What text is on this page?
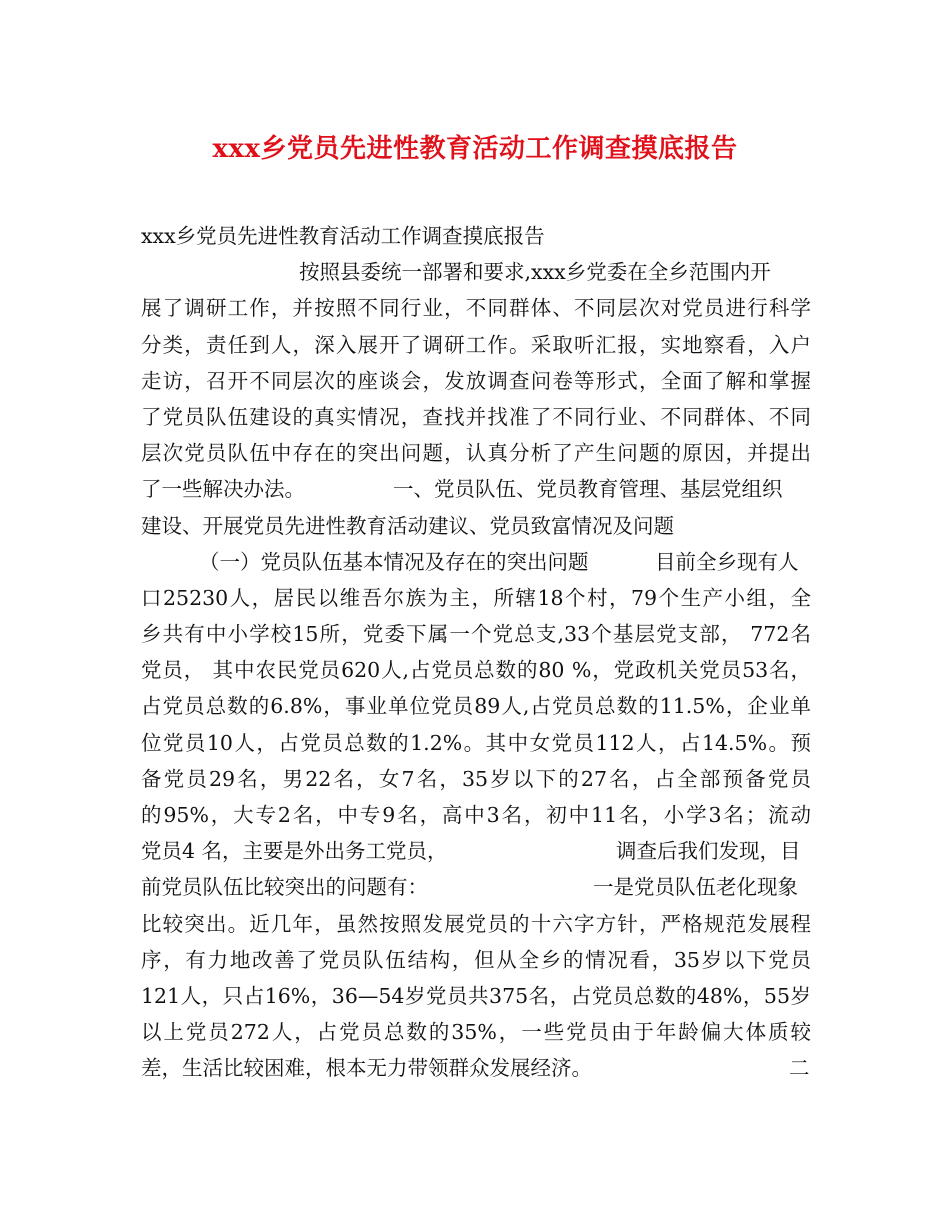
xxx乡党员先进性教育活动工作调查摸底报告
xxx乡党员先进性教育活动工作调查摸底报告
按照县委统一部署和要求,xxx乡党委在全乡范围内开
展了调研工作，并按照不同行业，不同群体、不同层次对党员进行科学
分类，责任到人，深入展开了调研工作。采取听汇报，实地察看，入户
走访，召开不同层次的座谈会，发放调查问卷等形式，全面了解和掌握
了党员队伍建设的真实情况，查找并找准了不同行业、不同群体、不同
层次党员队伍中存在的突出问题，认真分析了产生问题的原因，并提出
了一些解决办法。	一、党员队伍、党员教育管理、基层党组织
建设、开展党员先进性教育活动建议、党员致富情况及问题
（一）党员队伍基本情况及存在的突出问题	目前全乡现有人
口25230人，居民以维吾尔族为主，所辖18个村，79个生产小组，全
乡共有中小学校15所，党委下属一个党总支,33个基层党支部， 772名
党员， 其中农民党员620人,占党员总数的80 %，党政机关党员53名，
占党员总数的6.8%，事业单位党员89人,占党员总数的11.5%，企业单
位党员10人，占党员总数的1.2%。其中女党员112人，占14.5%。预
备党员29名，男22名，女7名，35岁以下的27名，占全部预备党员
的95%，大专2名，中专9名，高中3名，初中11名，小学3名；流动
党员4 名，主要是外出务工党员，	调查后我们发现，目
前党员队伍比较突出的问题有：	一是党员队伍老化现象
比较突出。近几年，虽然按照发展党员的十六字方针，严格规范发展程
序，有力地改善了党员队伍结构，但从全乡的情况看，35岁以下党员
121人，只占16%，36—54岁党员共375名，占党员总数的48%，55岁
以上党员272人，占党员总数的35%，一些党员由于年龄偏大体质较
差，生活比较困难，根本无力带领群众发展经济。	二
